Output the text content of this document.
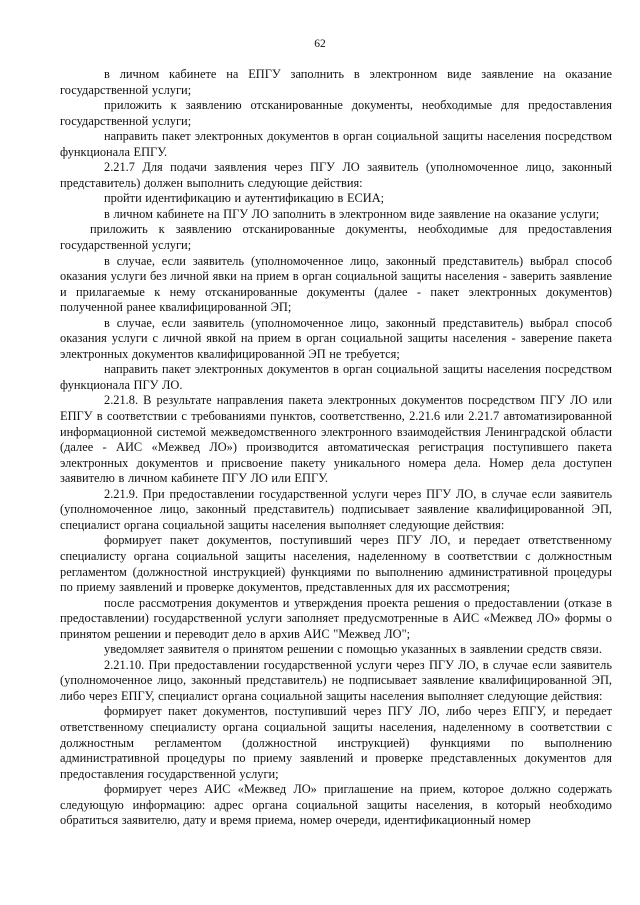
62

в личном кабинете на ЕПГУ заполнить в электронном виде заявление на оказание государственной услуги;

приложить к заявлению отсканированные документы, необходимые для предоставления государственной услуги;

направить пакет электронных документов в орган социальной защиты населения посредством функционала ЕПГУ.

2.21.7 Для подачи заявления через ПГУ ЛО заявитель (уполномоченное лицо, законный представитель) должен выполнить следующие действия:

пройти идентификацию и аутентификацию в ЕСИА;

в личном кабинете на ПГУ ЛО заполнить в электронном виде заявление на оказание услуги;

приложить к заявлению отсканированные документы, необходимые для предоставления государственной услуги;

в случае, если заявитель (уполномоченное лицо, законный представитель) выбрал способ оказания услуги без личной явки на прием в орган социальной защиты населения - заверить заявление и прилагаемые к нему отсканированные документы (далее - пакет электронных документов) полученной ранее квалифицированной ЭП;

в случае, если заявитель (уполномоченное лицо, законный представитель) выбрал способ оказания услуги с личной явкой на прием в орган социальной защиты населения - заверение пакета электронных документов квалифицированной ЭП не требуется;

направить пакет электронных документов в орган социальной защиты населения посредством функционала ПГУ ЛО.

2.21.8. В результате направления пакета электронных документов посредством ПГУ ЛО или ЕПГУ в соответствии с требованиями пунктов, соответственно, 2.21.6 или 2.21.7 автоматизированной информационной системой межведомственного электронного взаимодействия Ленинградской области (далее - АИС «Межвед ЛО») производится автоматическая регистрация поступившего пакета электронных документов и присвоение пакету уникального номера дела. Номер дела доступен заявителю в личном кабинете ПГУ ЛО или ЕПГУ.

2.21.9. При предоставлении государственной услуги через ПГУ ЛО, в случае если заявитель (уполномоченное лицо, законный представитель) подписывает заявление квалифицированной ЭП, специалист органа социальной защиты населения выполняет следующие действия:

формирует пакет документов, поступивший через ПГУ ЛО, и передает ответственному специалисту органа социальной защиты населения, наделенному в соответствии с должностным регламентом (должностной инструкцией) функциями по выполнению административной процедуры по приему заявлений и проверке документов, представленных для их рассмотрения;

после рассмотрения документов и утверждения проекта решения о предоставлении (отказе в предоставлении) государственной услуги заполняет предусмотренные в АИС «Межвед ЛО» формы о принятом решении и переводит дело в архив АИС "Межвед ЛО";

уведомляет заявителя о принятом решении с помощью указанных в заявлении средств связи.

2.21.10. При предоставлении государственной услуги через ПГУ ЛО, в случае если заявитель (уполномоченное лицо, законный представитель) не подписывает заявление квалифицированной ЭП, либо через ЕПГУ, специалист органа социальной защиты населения выполняет следующие действия:

формирует пакет документов, поступивший через ПГУ ЛО, либо через ЕПГУ, и передает ответственному специалисту органа социальной защиты населения, наделенному в соответствии с должностным регламентом (должностной инструкцией) функциями по выполнению административной процедуры по приему заявлений и проверке представленных документов для предоставления государственной услуги;

формирует через АИС «Межвед ЛО» приглашение на прием, которое должно содержать следующую информацию: адрес органа социальной защиты населения, в который необходимо обратиться заявителю, дату и время приема, номер очереди, идентификационный номер
